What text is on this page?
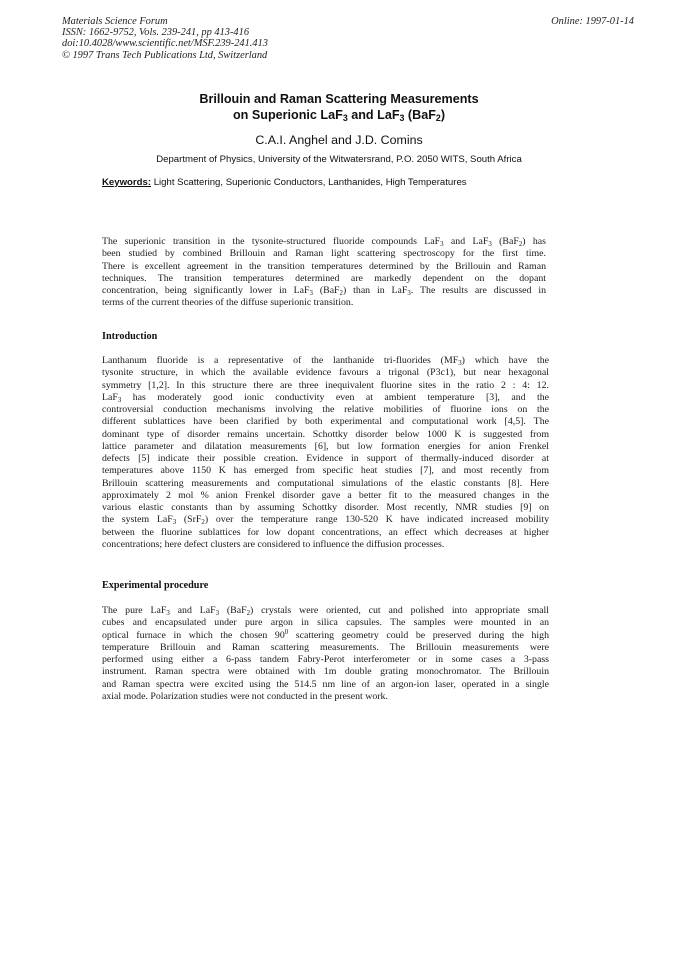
Materials Science Forum
ISSN: 1662-9752, Vols. 239-241, pp 413-416
doi:10.4028/www.scientific.net/MSF.239-241.413
© 1997 Trans Tech Publications Ltd, Switzerland
Online: 1997-01-14
Brillouin and Raman Scattering Measurements
on Superionic LaF$_3$ and LaF$_3$ (BaF$_2$)
C.A.I. Anghel and J.D. Comins
Department of Physics, University of the Witwatersrand, P.O. 2050 WITS, South Africa
Keywords: Light Scattering, Superionic Conductors, Lanthanides, High Temperatures
The superionic transition in the tysonite-structured fluoride compounds LaF$_3$ and LaF$_3$ (BaF$_2$) has
been studied by combined Brillouin and Raman light scattering spectroscopy for the first time.
There is excellent agreement in the transition temperatures determined by the Brillouin and Raman
techniques. The transition temperatures determined are markedly dependent on the dopant
concentration, being significantly lower in LaF$_3$ (BaF$_2$) than in LaF$_3$. The results are discussed in
terms of the current theories of the diffuse superionic transition.
Introduction
Lanthanum fluoride is a representative of the lanthanide tri-fluorides $(MF_3)$ which have the
tysonite structure, in which the available evidence favours a trigonal (P3c1), but near hexagonal
symmetry [1,2]. In this structure there are three inequivalent fluorine sites in the ratio 2 : 4: 12.
LaF$_3$ has moderately good ionic conductivity even at ambient temperature [3], and the
controversial conduction mechanisms involving the relative mobilities of fluorine ions on the
different sublattices have been clarified by both experimental and computational work [4,5]. The
dominant type of disorder remains uncertain. Schottky disorder below 1000 K is suggested from
lattice parameter and dilatation measurements [6], but low formation energies for anion Frenkel
defects [5] indicate their possible creation. Evidence in support of thermally-induced disorder at
temperatures above 1150 K has emerged from specific heat studies [7], and most recently from
Brillouin scattering measurements and computational simulations of the elastic constants [8]. Here
approximately 2 mol % anion Frenkel disorder gave a better fit to the measured changes in the
various elastic constants than by assuming Schottky disorder. Most recently, NMR studies [9] on
the system LaF$_3$ (SrF$_2$) over the temperature range 130-520 K have indicated increased mobility
between the fluorine sublattices for low dopant concentrations, an effect which decreases at higher
concentrations; here defect clusters are considered to influence the diffusion processes.
Experimental procedure
The pure LaF$_3$ and LaF$_3$ (BaF$_2$) crystals were oriented, cut and polished into appropriate small
cubes and encapsulated under pure argon in silica capsules. The samples were mounted in an
optical furnace in which the chosen $90^0$ scattering geometry could be preserved during the high
temperature Brillouin and Raman scattering measurements. The Brillouin measurements were
performed using either a 6-pass tandem Fabry-Perot interferometer or in some cases a 3-pass
instrument. Raman spectra were obtained with 1m double grating monochromator. The Brillouin
and Raman spectra were excited using the 514.5 nm line of an argon-ion laser, operated in a single
axial mode. Polarization studies were not conducted in the present work.
